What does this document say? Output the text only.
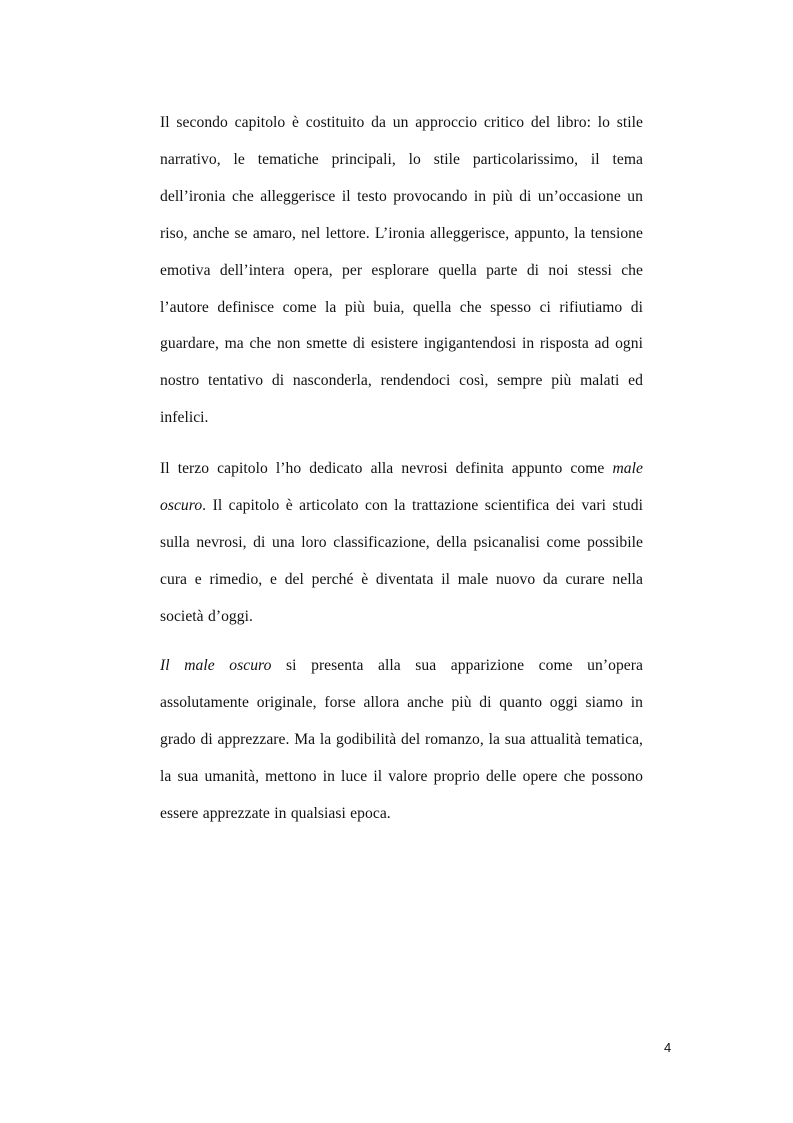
Il secondo capitolo è costituito da un approccio critico del libro: lo stile narrativo, le tematiche principali, lo stile particolarissimo, il tema dell’ironia che alleggerisce il testo provocando in più di un’occasione un riso, anche se amaro, nel lettore. L’ironia alleggerisce, appunto, la tensione emotiva dell’intera opera, per esplorare quella parte di noi stessi che l’autore definisce come la più buia, quella che spesso ci rifiutiamo di guardare, ma che non smette di esistere ingigantendosi in risposta ad ogni nostro tentativo di nasconderla, rendendoci così, sempre più malati ed infelici.

Il terzo capitolo l’ho dedicato alla nevrosi definita appunto come male oscuro. Il capitolo è articolato con la trattazione scientifica dei vari studi sulla nevrosi, di una loro classificazione, della psicanalisi come possibile cura e rimedio, e del perché è diventata il male nuovo da curare nella società d’oggi.

Il male oscuro si presenta alla sua apparizione come un’opera assolutamente originale, forse allora anche più di quanto oggi siamo in grado di apprezzare. Ma la godibilità del romanzo, la sua attualità tematica, la sua umanità, mettono in luce il valore proprio delle opere che possono essere apprezzate in qualsiasi epoca.

4
